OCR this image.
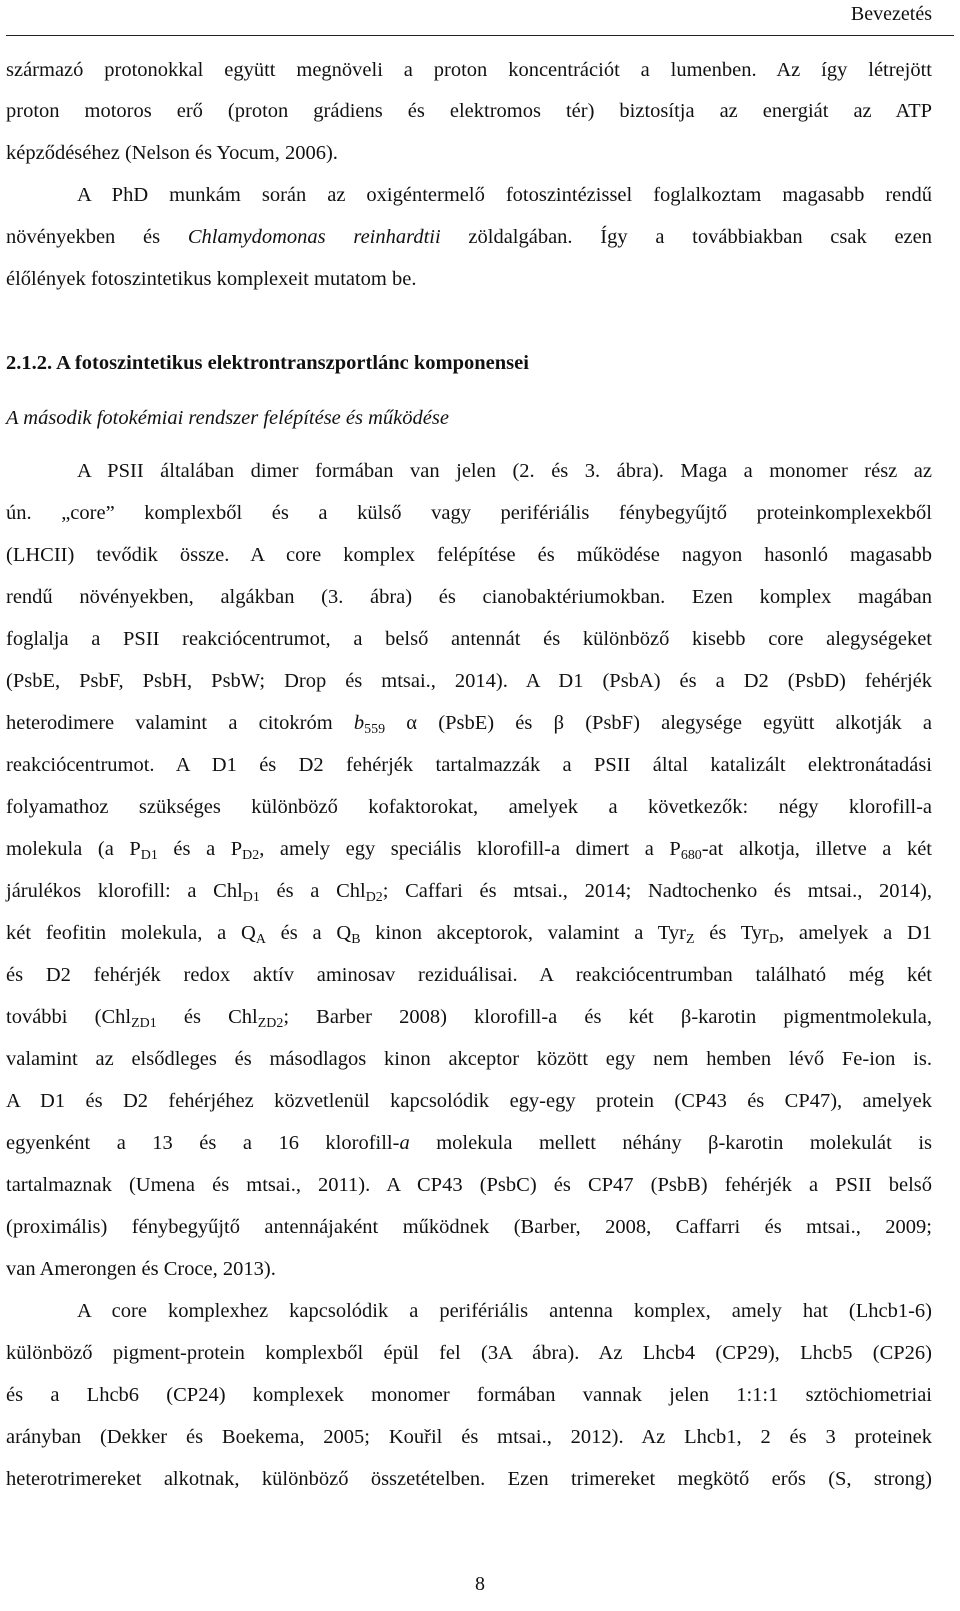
Bevezetés
származó protonokkal együtt megnöveli a proton koncentrációt a lumenben. Az így létrejött
proton motoros erő (proton grádiens és elektromos tér) biztosítja az energiát az ATP
képződéséhez (Nelson és Yocum, 2006).
A PhD munkám során az oxigéntermelő fotoszintézissel foglalkoztam magasabb rendű
növényekben és Chlamydomonas reinhardtii zöldalgában. Így a továbbiakban csak ezen
élőlények fotoszintetikus komplexeit mutatom be.
2.1.2. A fotoszintetikus elektrontranszportlánc komponensei
A második fotokémiai rendszer felépítése és működése
A PSII általában dimer formában van jelen (2. és 3. ábra). Maga a monomer rész az
ún. „core” komplexből és a külső vagy perifériális fénybegyűjtő proteinkomplexekből
(LHCII) tevődik össze. A core komplex felépítése és működése nagyon hasonló magasabb
rendű növényekben, algákban (3. ábra) és cianobaktériumokban. Ezen komplex magában
foglalja a PSII reakciócentrumot, a belső antennát és különböző kisebb core alegységeket
(PsbE, PsbF, PsbH, PsbW; Drop és mtsai., 2014). A D1 (PsbA) és a D2 (PsbD) fehérjék
heterodimere valamint a citokróm $b_{559}$ α (PsbE) és β (PsbF) alegysége együtt alkotják a
reakciócentrumot. A D1 és D2 fehérjék tartalmazzák a PSII által katalizált elektronátadási
folyamathoz szükséges különböző kofaktorokat, amelyek a következők: négy klorofill-a
molekula (a $P_{D1}$ és a $P_{D2}$, amely egy speciális klorofill-a dimert a $P_{680}-at$ alkotja, illetve a két
járulékos klorofill: a Chl$_{D1}$ és a Chl$_{D2}$; Caffari és mtsai., 2014; Nadtochenko és mtsai., 2014),
két feofitin molekula, a $Q_A$ és a $Q_B$ kinon akceptorok, valamint a Tyr$_Z$ és Tyr$_D$, amelyek a D1
és D2 fehérjék redox aktív aminosav reziduálisai. A reakciócentrumban található még két
további (Chl$_{ZD1}$ és Chl$_{ZD2}$; Barber 2008) klorofill-a és két β-karotin pigmentmolekula,
valamint az elsődleges és másodlagos kinon akceptor között egy nem hemben lévő Fe-ion is.
A D1 és D2 fehérjéhez közvetlenül kapcsolódik egy-egy protein (CP43 és CP47), amelyek
egyenként a 13 és a 16 klorofill-a molekula mellett néhány β-karotin molekulát is
tartalmaznak (Umena és mtsai., 2011). A CP43 (PsbC) és CP47 (PsbB) fehérjék a PSII belső
(proximális) fénybegyűjtő antennájaként működnek (Barber, 2008, Caffarri és mtsai., 2009;
van Amerongen és Croce, 2013).
A core komplexhez kapcsolódik a perifériális antenna komplex, amely hat (Lhcb1-6)
különböző pigment-protein komplexből épül fel (3A ábra). Az Lhcb4 (CP29), Lhcb5 (CP26)
és a Lhcb6 (CP24) komplexek monomer formában vannak jelen 1:1:1 sztöchiometriai
arányban (Dekker és Boekema, 2005; Kouřil és mtsai., 2012). Az Lhcb1, 2 és 3 proteinek
heterotrimereket alkotnak, különböző összetételben. Ezen trimereket megkötő erős (S, strong)
8
